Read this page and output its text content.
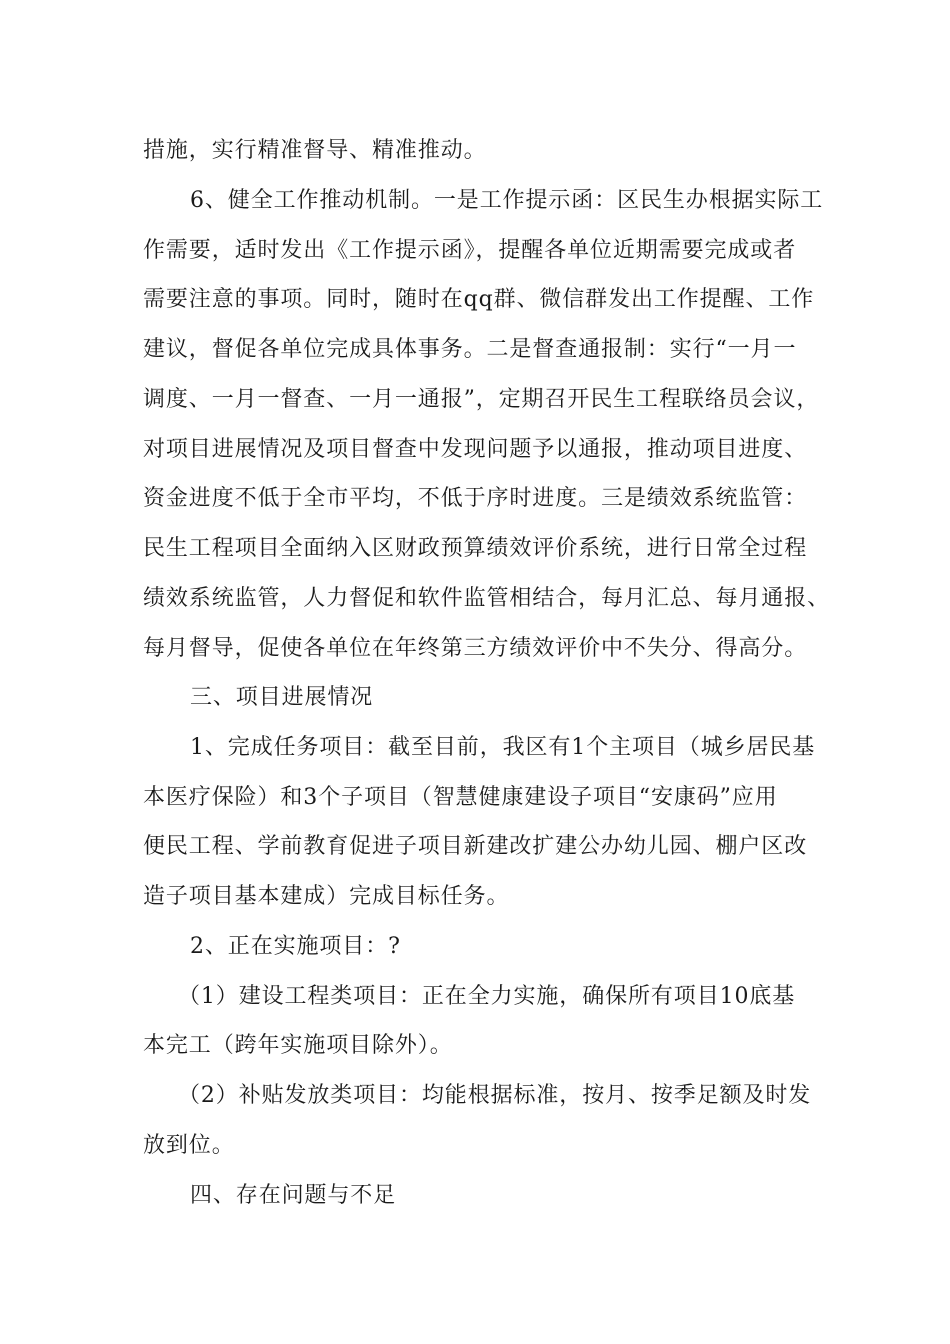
措施，实行精准督导、精准推动。
6、健全工作推动机制。一是工作提示函：区民生办根据实际工
作需要，适时发出《工作提示函》，提醒各单位近期需要完成或者
需要注意的事项。同时，随时在qq群、微信群发出工作提醒、工作
建议，督促各单位完成具体事务。二是督查通报制：实行“一月一
调度、一月一督查、一月一通报”，定期召开民生工程联络员会议，
对项目进展情况及项目督查中发现问题予以通报，推动项目进度、
资金进度不低于全市平均，不低于序时进度。三是绩效系统监管：
民生工程项目全面纳入区财政预算绩效评价系统，进行日常全过程
绩效系统监管，人力督促和软件监管相结合，每月汇总、每月通报、
每月督导，促使各单位在年终第三方绩效评价中不失分、得高分。
三、项目进展情况
1、完成任务项目：截至目前，我区有1个主项目（城乡居民基
本医疗保险）和3个子项目（智慧健康建设子项目“安康码”应用
便民工程、学前教育促进子项目新建改扩建公办幼儿园、棚户区改
造子项目基本建成）完成目标任务。
2、正在实施项目：?
（1）建设工程类项目：正在全力实施，确保所有项目10底基
本完工（跨年实施项目除外）。
（2）补贴发放类项目：均能根据标准，按月、按季足额及时发
放到位。
四、存在问题与不足
